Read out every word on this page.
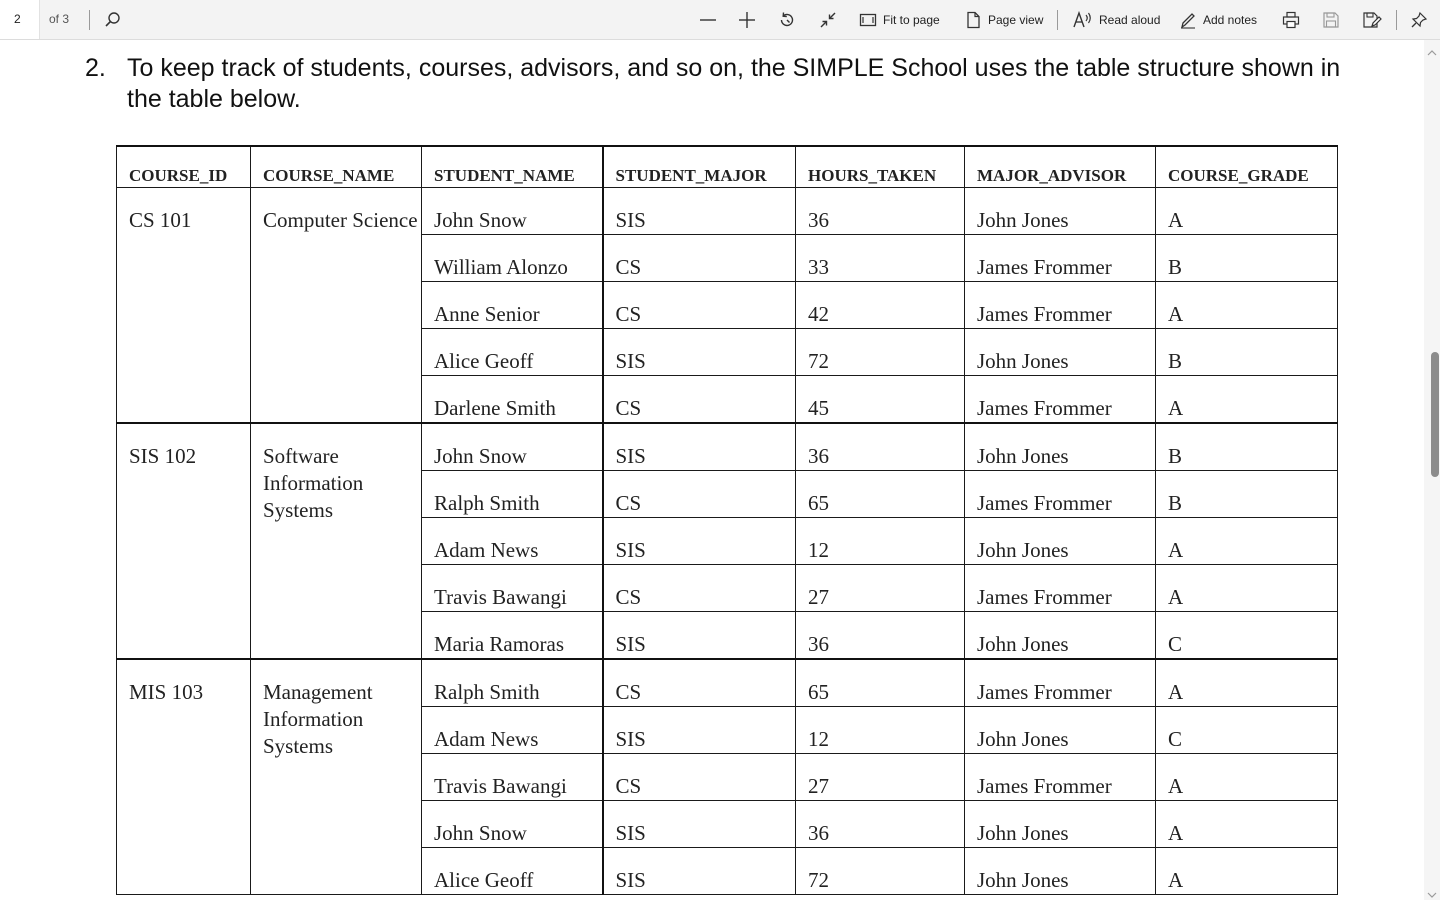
2	of 3	Fit to page	Page view	Read aloud	Add notes
2. To keep track of students, courses, advisors, and so on, the SIMPLE School uses the table structure shown in the table below.
COURSE_ID	COURSE_NAME	STUDENT_NAME	STUDENT_MAJOR	HOURS_TAKEN	MAJOR_ADVISOR	COURSE_GRADE
CS 101	Computer Science	John Snow	SIS	36	John Jones	A
		William Alonzo	CS	33	James Frommer	B
		Anne Senior	CS	42	James Frommer	A
		Alice Geoff	SIS	72	John Jones	B
		Darlene Smith	CS	45	James Frommer	A
SIS 102	Software Information Systems	John Snow	SIS	36	John Jones	B
		Ralph Smith	CS	65	James Frommer	B
		Adam News	SIS	12	John Jones	A
		Travis Bawangi	CS	27	James Frommer	A
		Maria Ramoras	SIS	36	John Jones	C
MIS 103	Management Information Systems	Ralph Smith	CS	65	James Frommer	A
		Adam News	SIS	12	John Jones	C
		Travis Bawangi	CS	27	James Frommer	A
		John Snow	SIS	36	John Jones	A
		Alice Geoff	SIS	72	John Jones	A
